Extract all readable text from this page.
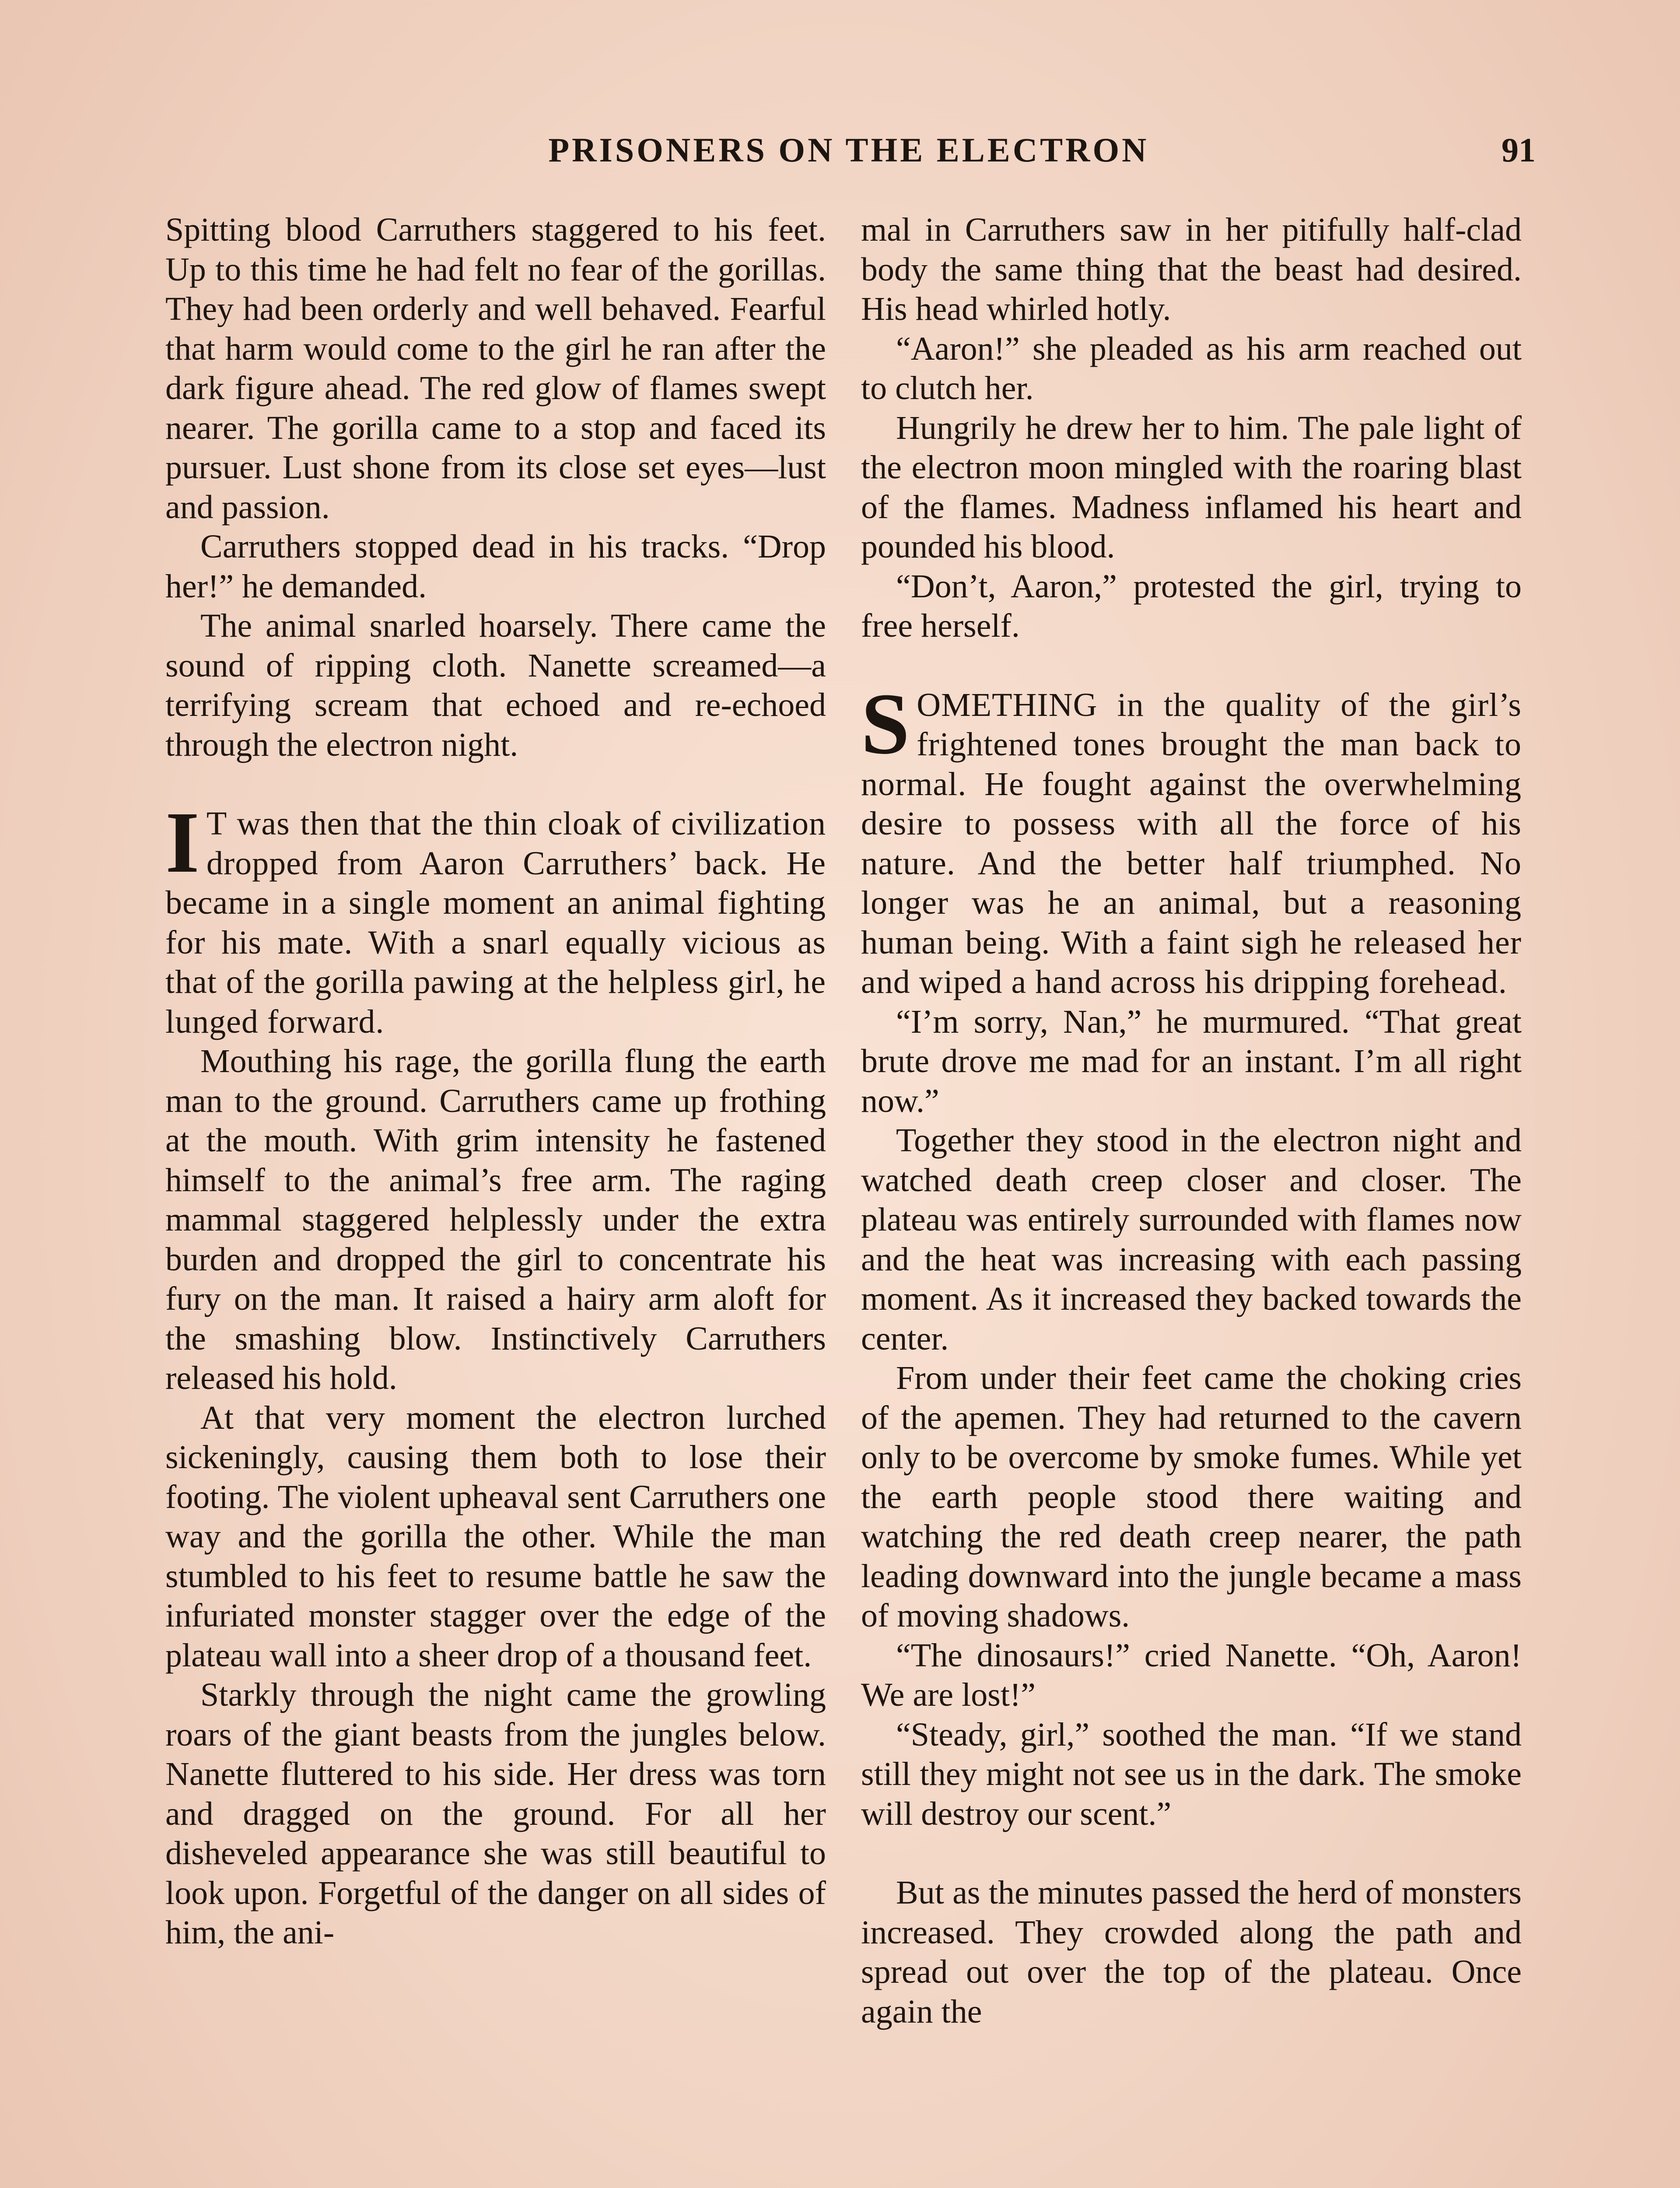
PRISONERS ON THE ELECTRON	91

Spitting blood Carruthers staggered to his feet. Up to this time he had felt no fear of the gorillas. They had been orderly and well behaved. Fearful that harm would come to the girl he ran after the dark figure ahead. The red glow of flames swept nearer. The gorilla came to a stop and faced its pursuer. Lust shone from its close set eyes—lust and passion.

Carruthers stopped dead in his tracks. “Drop her!” he demanded.

The animal snarled hoarsely. There came the sound of ripping cloth. Nanette screamed—a terrifying scream that echoed and re-echoed through the electron night.

I T was then that the thin cloak of civilization dropped from Aaron Carruthers’ back. He became in a single moment an animal fighting for his mate. With a snarl equally vicious as that of the gorilla pawing at the helpless girl, he lunged forward.

Mouthing his rage, the gorilla flung the earth man to the ground. Carruthers came up frothing at the mouth. With grim intensity he fastened himself to the animal’s free arm. The raging mammal staggered helplessly under the extra burden and dropped the girl to concentrate his fury on the man. It raised a hairy arm aloft for the smashing blow. Instinctively Carruthers released his hold.

At that very moment the electron lurched sickeningly, causing them both to lose their footing. The violent upheaval sent Carruthers one way and the gorilla the other. While the man stumbled to his feet to resume battle he saw the infuriated monster stagger over the edge of the plateau wall into a sheer drop of a thousand feet.

Starkly through the night came the growling roars of the giant beasts from the jungles below. Nanette fluttered to his side. Her dress was torn and dragged on the ground. For all her disheveled appearance she was still beautiful to look upon. Forgetful of the danger on all sides of him, the ani-

mal in Carruthers saw in her pitifully half-clad body the same thing that the beast had desired. His head whirled hotly.

“Aaron!” she pleaded as his arm reached out to clutch her.

Hungrily he drew her to him. The pale light of the electron moon mingled with the roaring blast of the flames. Madness inflamed his heart and pounded his blood.

“Don’t, Aaron,” protested the girl, trying to free herself.

SOMETHING in the quality of the girl’s frightened tones brought the man back to normal. He fought against the overwhelming desire to possess with all the force of his nature. And the better half triumphed. No longer was he an animal, but a reasoning human being. With a faint sigh he released her and wiped a hand across his dripping forehead.

“I’m sorry, Nan,” he murmured. “That great brute drove me mad for an instant. I’m all right now.”

Together they stood in the electron night and watched death creep closer and closer. The plateau was entirely surrounded with flames now and the heat was increasing with each passing moment. As it increased they backed towards the center.

From under their feet came the choking cries of the apemen. They had returned to the cavern only to be overcome by smoke fumes. While yet the earth people stood there waiting and watching the red death creep nearer, the path leading downward into the jungle became a mass of moving shadows.

“The dinosaurs!” cried Nanette. “Oh, Aaron! We are lost!”

“Steady, girl,” soothed the man. “If we stand still they might not see us in the dark. The smoke will destroy our scent.”

But as the minutes passed the herd of monsters increased. They crowded along the path and spread out over the top of the plateau. Once again the
